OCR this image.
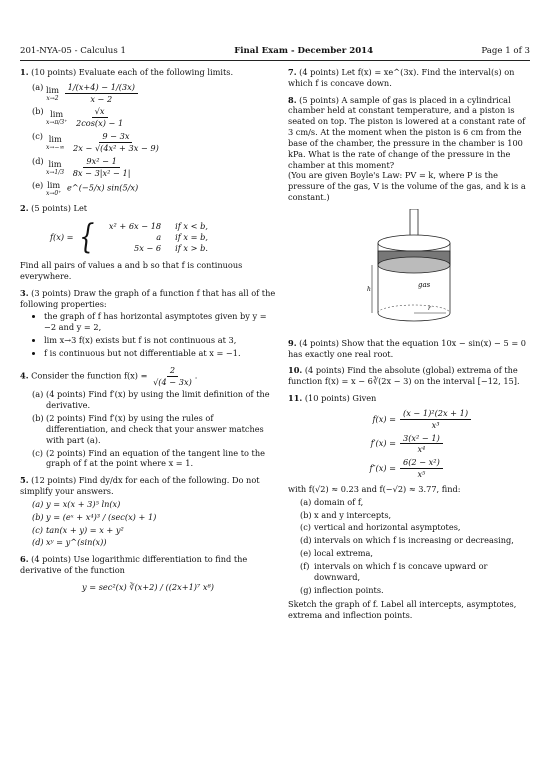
201-NYA-05 - Calculus 1	Final Exam - December 2014	Page 1 of 3
1. (10 points) Evaluate each of the following limits.
(a) lim
x→2
$\frac{1/(x+4) - 1/(3x)}{x - 2}$
(b) lim
x→π/3⁺
$\frac{√x}{2\cos(x) - 1}$
(c) lim
x→−∞
$\frac{9 - 3x}{\text{2x − √(4x² + 3x − 9)}}$
(d) lim
x→1/3
$\frac{\text{9x² − 1}}{\text{8x − 3|x² − 1|}}$
(e) lim
x→0⁺
e^(−5/x) sin(5/x)
2. (5 points) Let
f(x) = {	x² + 6x − 18	if x < b,
a	if x = b,
5x − 6	if x > b.
Find all pairs of values a and b so that f is continuous everywhere.
3. (3 points) Draw the graph of a function f that has all of the following properties:
• the graph of f has horizontal asymptotes given by y = −2 and y = 2,
• lim x→3 f(x) exists but f is not continuous at 3,
• f is continuous but not differentiable at x = −1.
4. Consider the function $f(x) = \frac{2}{√(4 - 3x)}$ .
(a) (4 points) Find f′(x) by using the limit definition of the derivative.
(b) (2 points) Find f′(x) by using the rules of differentiation, and check that your answer matches with part (a).
(c) (2 points) Find an equation of the tangent line to the graph of f at the point where x = 1.
5. (12 points) Find dy/dx for each of the following. Do not simplify your answers.
(a) y = x(x + 3)⁵ ln(x)
(b) y = (eˣ + x⁴)³ / (sec(x) + 1)
(c) tan(x + y) = x + y²
(d) xʸ = y^(sin(x))
6. (4 points) Use logarithmic differentiation to find the derivative of the function
y = sec²(x) ∛(x+2) / ((2x+1)⁷ x⁸)
7. (4 points) Let f(x) = xe^(3x). Find the interval(s) on which f is concave down.
8. (5 points) A sample of gas is placed in a cylindrical chamber held at constant temperature, and a piston is seated on top. The piston is lowered at a constant rate of 3 cm/s. At the moment when the piston is 6 cm from the base of the chamber, the pressure in the chamber is 100 kPa. What is the rate of change of the pressure in the chamber at this moment?
(You are given Boyle's Law: PV = k, where P is the pressure of the gas, V is the volume of the gas, and k is a constant.)
gas
h
r
9. (4 points) Show that the equation 10x − sin(x) − 5 = 0 has exactly one real root.
10. (4 points) Find the absolute (global) extrema of the function f(x) = x − 6∛(2x − 3) on the interval [−12, 15].
11. (10 points) Given
$f(x) = \frac{\text{(x − 1)²(2x + 1)}}{\text{x³}}$
$f'(x) = \frac{\text{3(x² − 1)}}{\text{x⁴}}$
$f''(x) = \frac{\text{6(2 − x²)}}{\text{x⁵}}$
with f(√2) ≈ 0.23 and f(−√2) ≈ 3.77, find:
(a) domain of f,
(b) x and y intercepts,
(c) vertical and horizontal asymptotes,
(d) intervals on which f is increasing or decreasing,
(e) local extrema,
(f) intervals on which f is concave upward or downward,
(g) inflection points.
Sketch the graph of f. Label all intercepts, asymptotes, extrema and inflection points.
